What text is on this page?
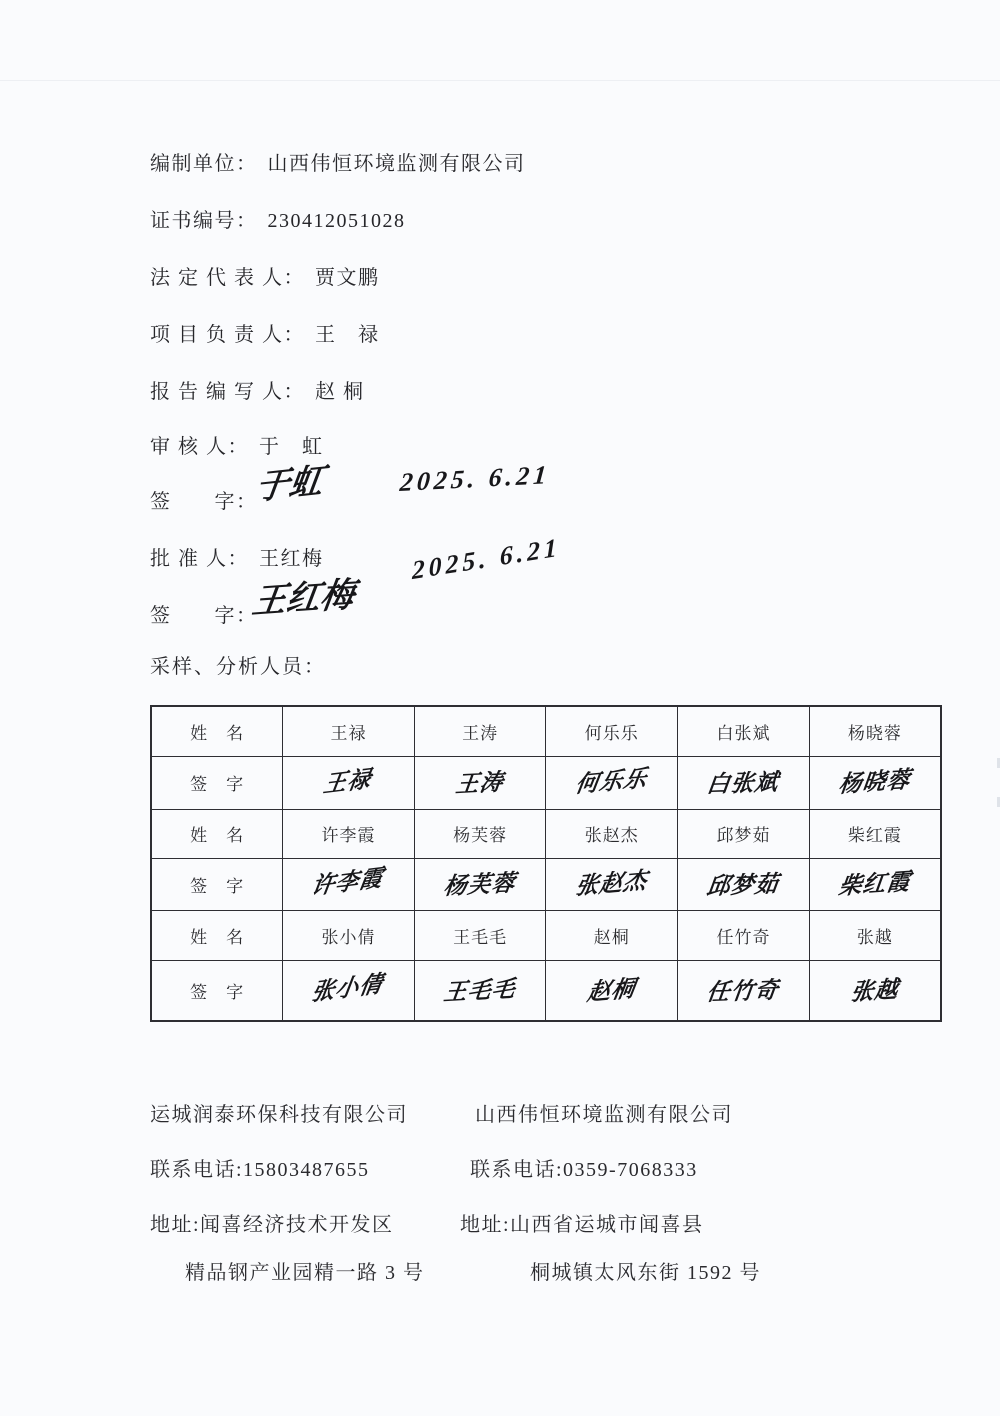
编制单位： 山西伟恒环境监测有限公司
证书编号： 230412051028
法 定 代 表 人： 贾文鹏
项 目 负 责 人： 王　禄
报 告 编 写 人： 赵 桐
审 核 人： 于　虹
签　　字：
于虹	2025. 6.21
批 准 人： 王红梅
签　　字：
王红梅
2025. 6.21
采样、分析人员：
姓　名	王禄	王涛	何乐乐	白张斌	杨晓蓉
签　字	王禄	王涛	何乐乐	白张斌	杨晓蓉
姓　名	许李霞	杨芙蓉	张赵杰	邱梦茹	柴红霞
签　字	许李霞	杨芙蓉	张赵杰	邱梦茹	柴红霞
姓　名	张小倩	王毛毛	赵桐	任竹奇	张越
签　字	张小倩	王毛毛	赵桐	任竹奇	张越
运城润泰环保科技有限公司	山西伟恒环境监测有限公司
联系电话:15803487655	联系电话:0359-7068333
地址:闻喜经济技术开发区	地址:山西省运城市闻喜县
精品钢产业园精一路 3 号	桐城镇太风东街 1592 号
